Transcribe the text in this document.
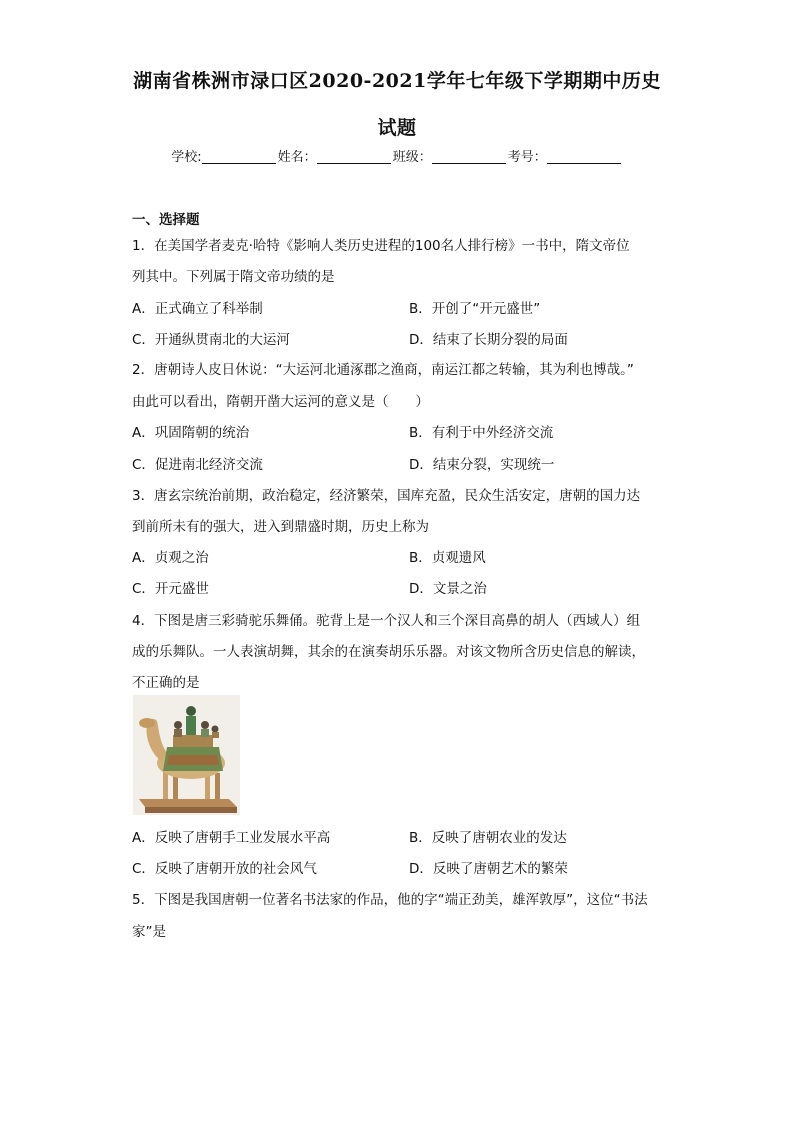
湖南省株洲市渌口区2020-2021学年七年级下学期期中历史
试题
学校:	姓名：	班级：	考号：
一、选择题
1．在美国学者麦克·哈特《影响人类历史进程的100名人排行榜》一书中，隋文帝位
列其中。下列属于隋文帝功绩的是
A．正式确立了科举制	B．开创了“开元盛世”
C．开通纵贯南北的大运河	D．结束了长期分裂的局面
2．唐朝诗人皮日休说：“大运河北通涿郡之渔商，南运江都之转输，其为利也博哉。”
由此可以看出，隋朝开凿大运河的意义是（　　）
A．巩固隋朝的统治	B．有利于中外经济交流
C．促进南北经济交流	D．结束分裂，实现统一
3．唐玄宗统治前期，政治稳定，经济繁荣，国库充盈，民众生活安定，唐朝的国力达
到前所未有的强大，进入到鼎盛时期，历史上称为
A．贞观之治	B．贞观遗风
C．开元盛世	D．文景之治
4．下图是唐三彩骑驼乐舞俑。驼背上是一个汉人和三个深目高鼻的胡人（西域人）组
成的乐舞队。一人表演胡舞，其余的在演奏胡乐乐器。对该文物所含历史信息的解读，
不正确的是
A．反映了唐朝手工业发展水平高	B．反映了唐朝农业的发达
C．反映了唐朝开放的社会风气	D．反映了唐朝艺术的繁荣
5．下图是我国唐朝一位著名书法家的作品，他的字“端正劲美，雄浑敦厚”，这位“书法
家”是
